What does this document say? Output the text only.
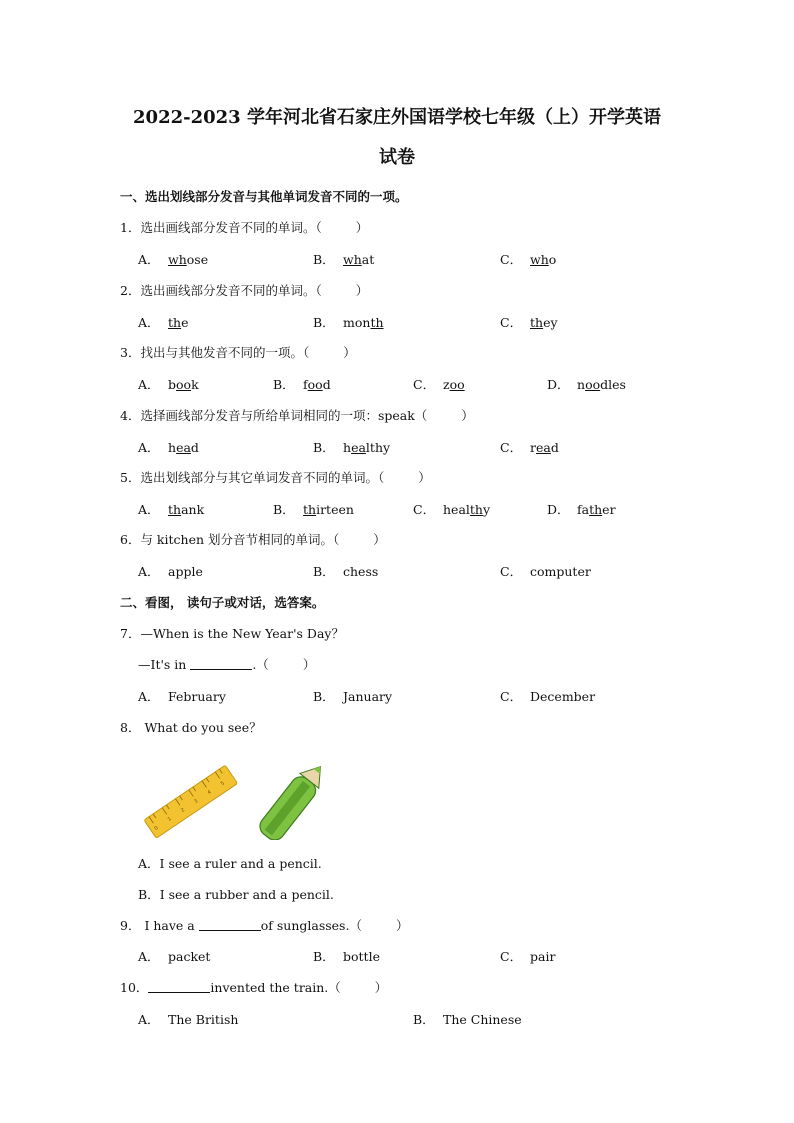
2022-2023 学年河北省石家庄外国语学校七年级（上）开学英语
试卷
一、选出划线部分发音与其他单词发音不同的一项。
1．选出画线部分发音不同的单词。（	）
A． whose	B． what	C． who
2．选出画线部分发音不同的单词。（	）
A． the	B． month	C． they
3．找出与其他发音不同的一项。（	）
A． book	B． food	C． zoo	D． noodles
4．选择画线部分发音与所给单词相同的一项：speak（	）
A． head	B． healthy	C． read
5．选出划线部分与其它单词发音不同的单词。（	）
A． thank	B． thirteen	C． healthy	D． father
6．与 kitchen 划分音节相同的单词。（	）
A． apple	B． chess	C． computer
二、看图， 读句子或对话，选答案。
7．—When is the New Year's Day？
—It's in	.（	）
A． February	B． January	C． December
8． What do you see？
0
1
2
3
4
5
A．I see a ruler and a pencil.
B．I see a rubber and a pencil.
9． I have a	of sunglasses.（	）
A． packet	B． bottle	C． pair
10．	invented the train.（	）
A． The British	B． The Chinese
